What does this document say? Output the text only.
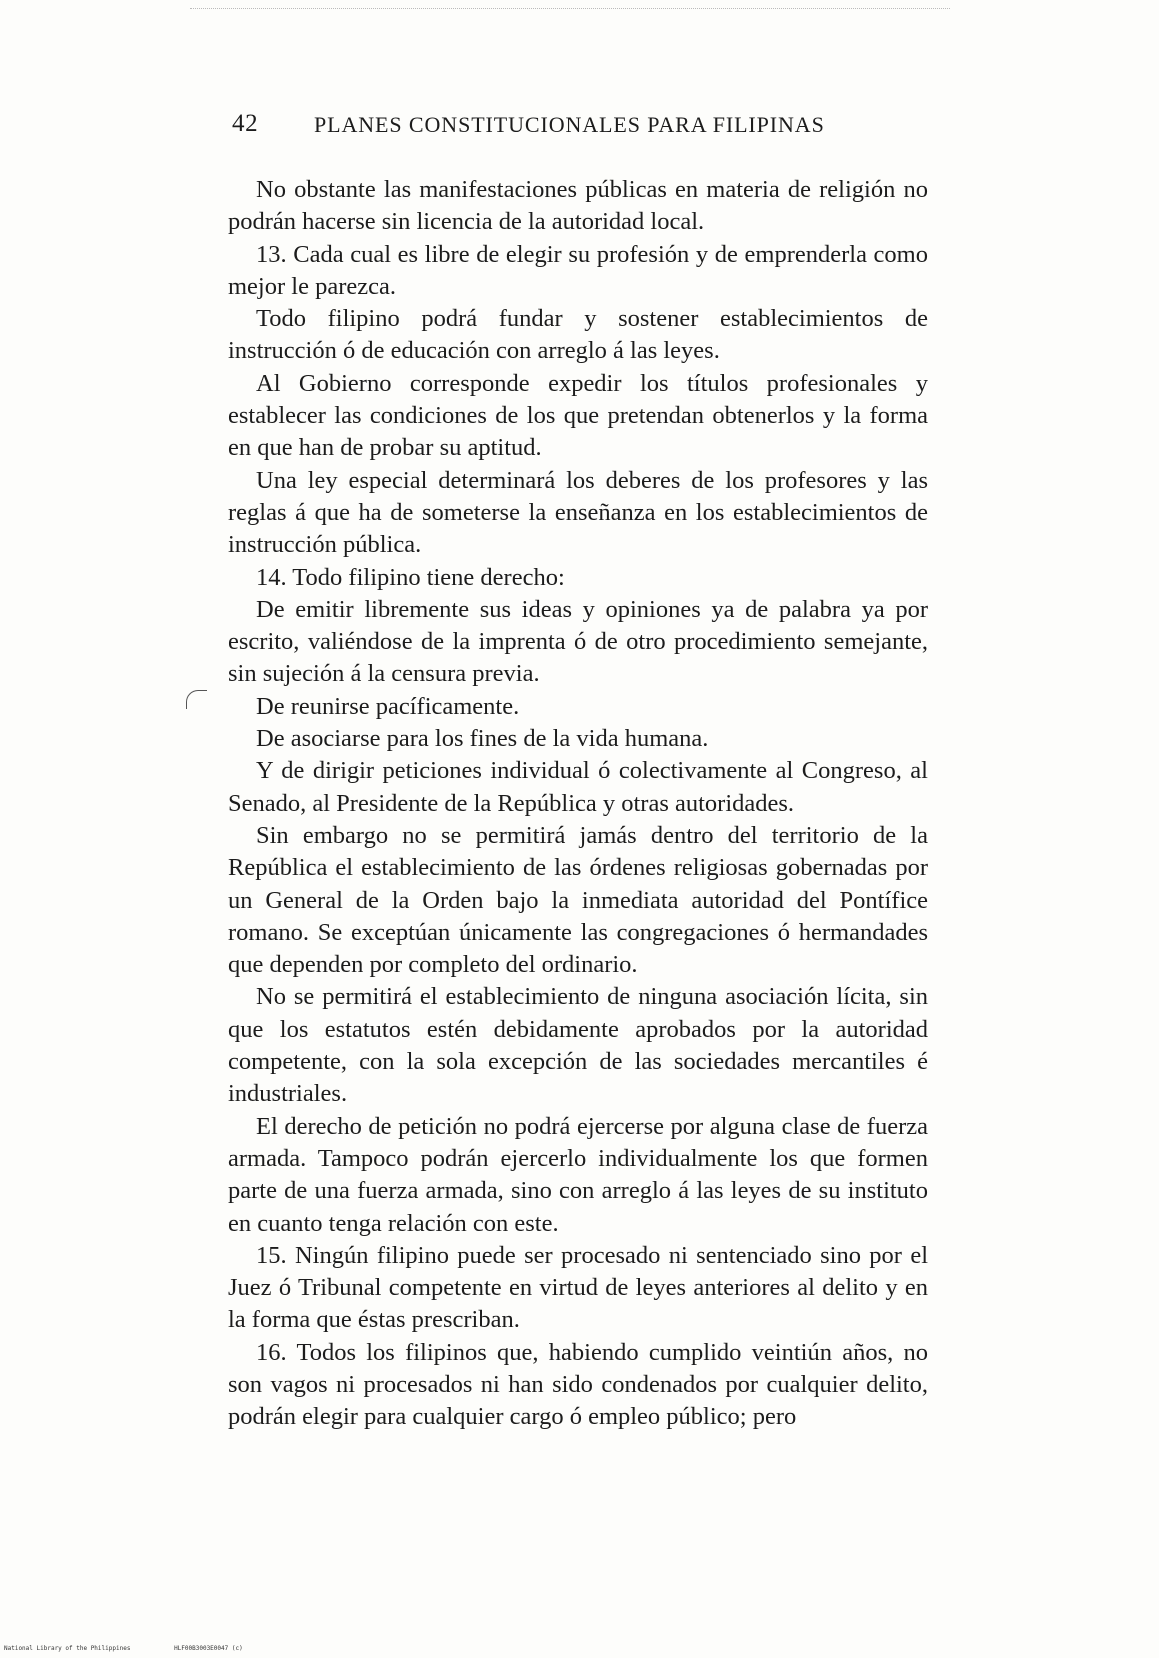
42	PLANES CONSTITUCIONALES PARA FILIPINAS

No obstante las manifestaciones públicas en materia de religión no podrán hacerse sin licencia de la autoridad local.

13. Cada cual es libre de elegir su profesión y de emprenderla como mejor le parezca.

Todo filipino podrá fundar y sostener establecimientos de instrucción ó de educación con arreglo á las leyes.

Al Gobierno corresponde expedir los títulos profesionales y establecer las condiciones de los que pretendan obtenerlos y la forma en que han de probar su aptitud.

Una ley especial determinará los deberes de los profesores y las reglas á que ha de someterse la enseñanza en los establecimientos de instrucción pública.

14. Todo filipino tiene derecho:

De emitir libremente sus ideas y opiniones ya de palabra ya por escrito, valiéndose de la imprenta ó de otro procedimiento semejante, sin sujeción á la censura previa.

De reunirse pacíficamente.

De asociarse para los fines de la vida humana.

Y de dirigir peticiones individual ó colectivamente al Congreso, al Senado, al Presidente de la República y otras autoridades.

Sin embargo no se permitirá jamás dentro del territorio de la República el establecimiento de las órdenes religiosas gobernadas por un General de la Orden bajo la inmediata autoridad del Pontífice romano. Se exceptúan únicamente las congregaciones ó hermandades que dependen por completo del ordinario.

No se permitirá el establecimiento de ninguna asociación lícita, sin que los estatutos estén debidamente aprobados por la autoridad competente, con la sola excepción de las sociedades mercantiles é industriales.

El derecho de petición no podrá ejercerse por alguna clase de fuerza armada. Tampoco podrán ejercerlo individualmente los que formen parte de una fuerza armada, sino con arreglo á las leyes de su instituto en cuanto tenga relación con este.

15. Ningún filipino puede ser procesado ni sentenciado sino por el Juez ó Tribunal competente en virtud de leyes anteriores al delito y en la forma que éstas prescriban.

16. Todos los filipinos que, habiendo cumplido veintiún años, no son vagos ni procesados ni han sido condenados por cualquier delito, podrán elegir para cualquier cargo ó empleo público; pero

National Library of the Philippines	HLF00B3003E0047 (c)
